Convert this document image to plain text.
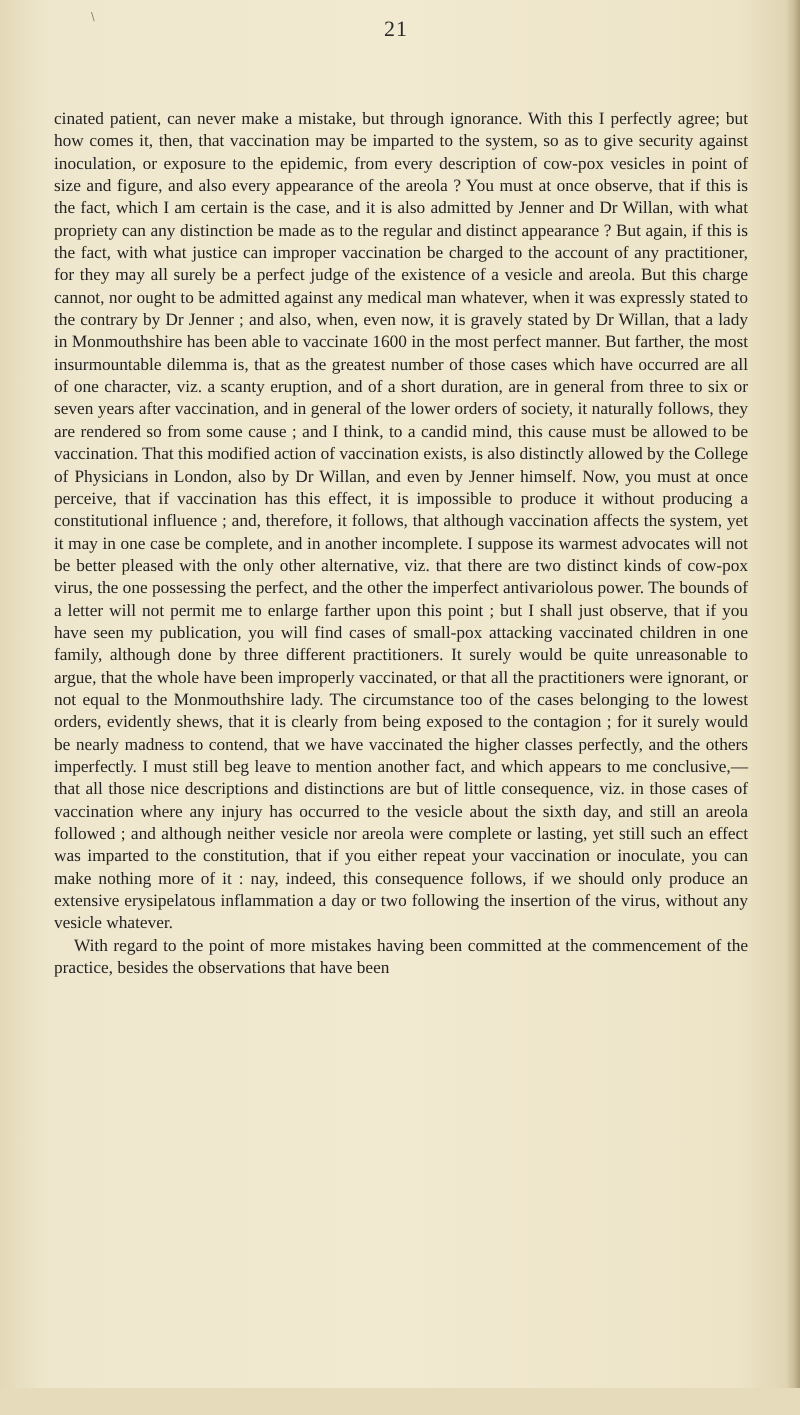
\	21

cinated patient, can never make a mistake, but through ignorance. With this I perfectly agree; but how comes it, then, that vaccination may be imparted to the system, so as to give security against inoculation, or exposure to the epidemic, from every description of cow-pox vesicles in point of size and figure, and also every appearance of the areola ? You must at once observe, that if this is the fact, which I am certain is the case, and it is also admitted by Jenner and Dr Willan, with what propriety can any distinction be made as to the regular and distinct appearance ? But again, if this is the fact, with what justice can improper vaccination be charged to the account of any practitioner, for they may all surely be a perfect judge of the existence of a vesicle and areola. But this charge cannot, nor ought to be admitted against any medical man whatever, when it was expressly stated to the contrary by Dr Jenner ; and also, when, even now, it is gravely stated by Dr Willan, that a lady in Monmouthshire has been able to vaccinate 1600 in the most perfect manner. But farther, the most insurmountable dilemma is, that as the greatest number of those cases which have occurred are all of one character, viz. a scanty eruption, and of a short duration, are in general from three to six or seven years after vaccination, and in general of the lower orders of society, it naturally follows, they are rendered so from some cause ; and I think, to a candid mind, this cause must be allowed to be vaccination. That this modified action of vaccination exists, is also distinctly allowed by the College of Physicians in London, also by Dr Willan, and even by Jenner himself. Now, you must at once perceive, that if vaccination has this effect, it is impossible to produce it without producing a constitutional influence ; and, therefore, it follows, that although vaccination affects the system, yet it may in one case be complete, and in another incomplete. I suppose its warmest advocates will not be better pleased with the only other alternative, viz. that there are two distinct kinds of cow-pox virus, the one possessing the perfect, and the other the imperfect antivariolous power. The bounds of a letter will not permit me to enlarge farther upon this point ; but I shall just observe, that if you have seen my publication, you will find cases of small-pox attacking vaccinated children in one family, although done by three different practitioners. It surely would be quite unreasonable to argue, that the whole have been improperly vaccinated, or that all the practitioners were ignorant, or not equal to the Monmouthshire lady. The circumstance too of the cases belonging to the lowest orders, evidently shews, that it is clearly from being exposed to the contagion ; for it surely would be nearly madness to contend, that we have vaccinated the higher classes perfectly, and the others imperfectly. I must still beg leave to mention another fact, and which appears to me conclusive,—that all those nice descriptions and distinctions are but of little consequence, viz. in those cases of vaccination where any injury has occurred to the vesicle about the sixth day, and still an areola followed ; and although neither vesicle nor areola were complete or lasting, yet still such an effect was imparted to the constitution, that if you either repeat your vaccination or inoculate, you can make nothing more of it : nay, indeed, this consequence follows, if we should only produce an extensive erysipelatous inflammation a day or two following the insertion of the virus, without any vesicle whatever.

With regard to the point of more mistakes having been committed at the commencement of the practice, besides the observations that have been
